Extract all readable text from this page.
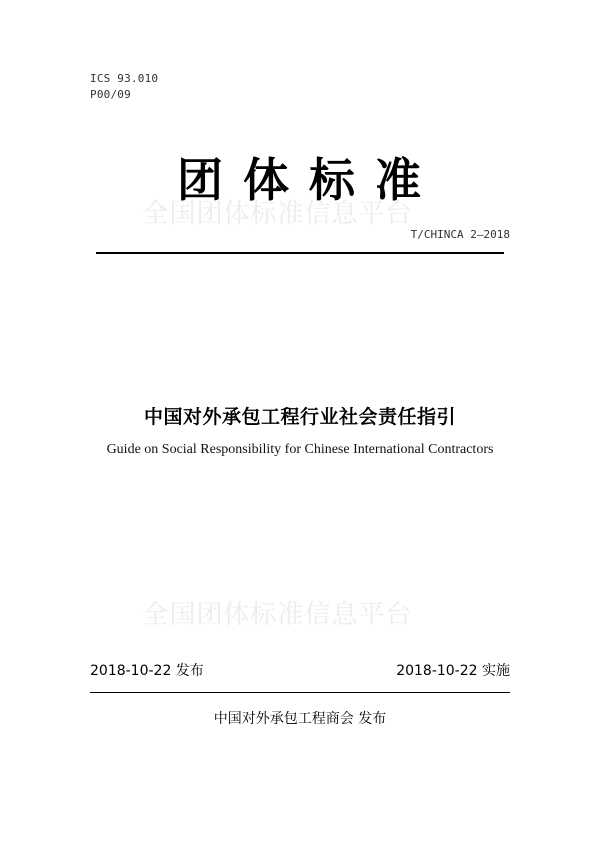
ICS 93.010
P00/09
全国团体标准信息平台
团 体 标 准
T/CHINCA 2—2018
中国对外承包工程行业社会责任指引
Guide on Social Responsibility for Chinese International Contractors
全国团体标准信息平台
2018-10-22 发布	2018-10-22 实施
中国对外承包工程商会 发布
